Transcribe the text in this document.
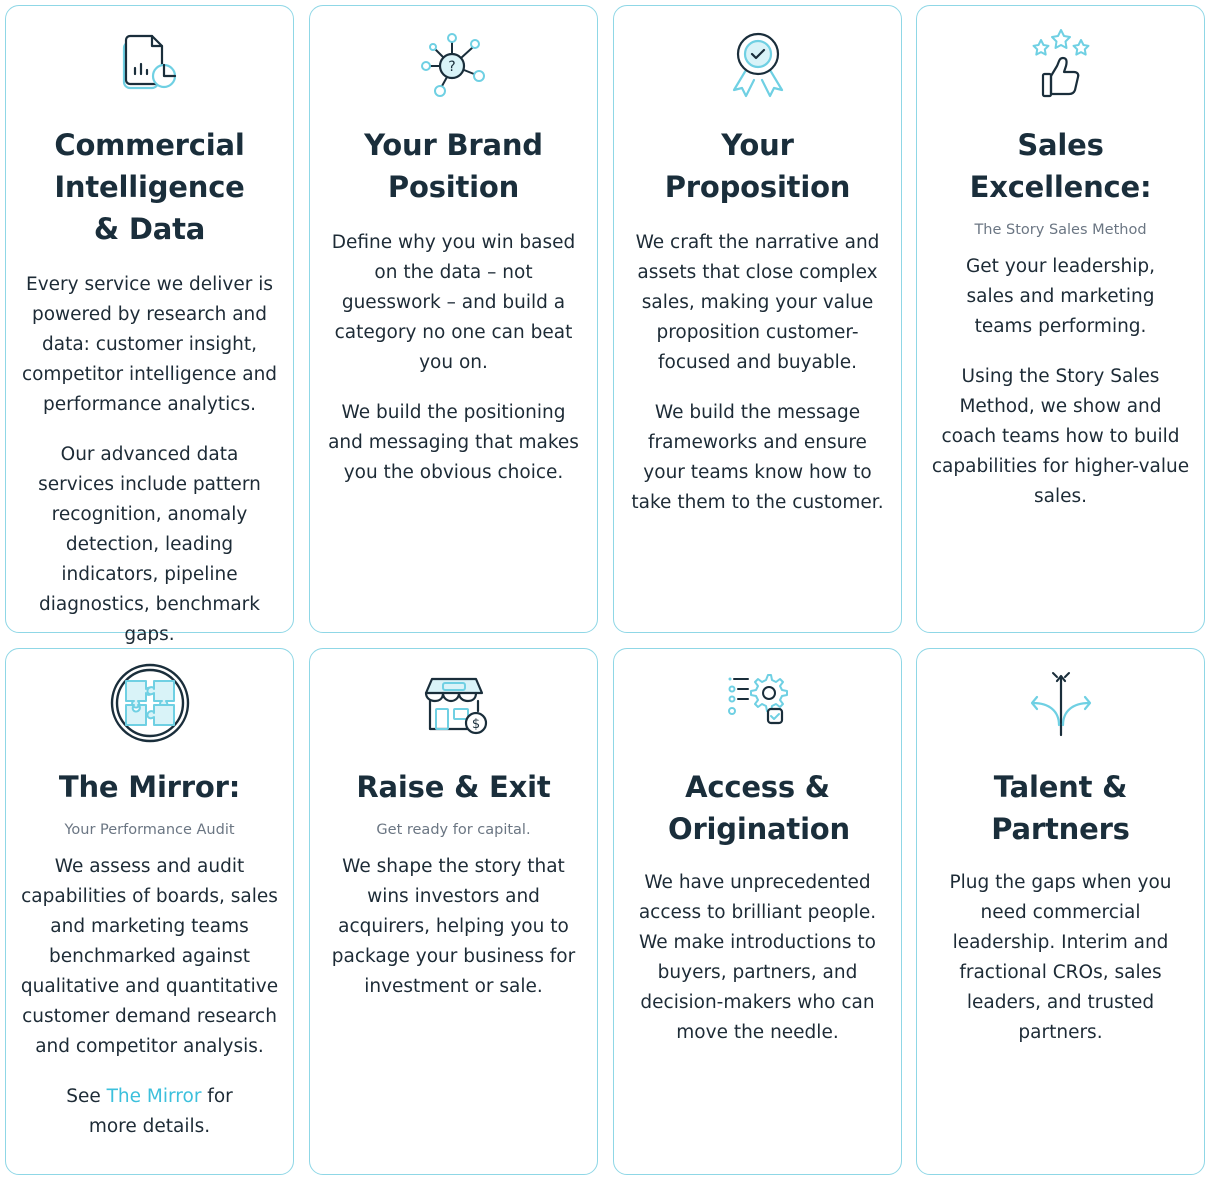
Commercial Intelligence & Data

Every service we deliver is powered by research and data: customer insight, competitor intelligence and performance analytics.

Our advanced data services include pattern recognition, anomaly detection, leading indicators, pipeline diagnostics, benchmark gaps.

?
Your Brand Position

Define why you win based on the data – not guesswork – and build a category no one can beat you on.

We build the positioning and messaging that makes you the obvious choice.

Your Proposition

We craft the narrative and assets that close complex sales, making your value proposition customer-focused and buyable.

We build the message frameworks and ensure your teams know how to take them to the customer.

Sales Excellence:

The Story Sales Method

Get your leadership, sales and marketing teams performing.

Using the Story Sales Method, we show and coach teams how to build capabilities for higher-value sales.

The Mirror:

Your Performance Audit

We assess and audit capabilities of boards, sales and marketing teams benchmarked against qualitative and quantitative customer demand research and competitor analysis.

See The Mirror for more details.

$
Raise & Exit

Get ready for capital.

We shape the story that wins investors and acquirers, helping you to package your business for investment or sale.

Access & Origination

We have unprecedented access to brilliant people. We make introductions to buyers, partners, and decision-makers who can move the needle.

Talent & Partners

Plug the gaps when you need commercial leadership. Interim and fractional CROs, sales leaders, and trusted partners.
